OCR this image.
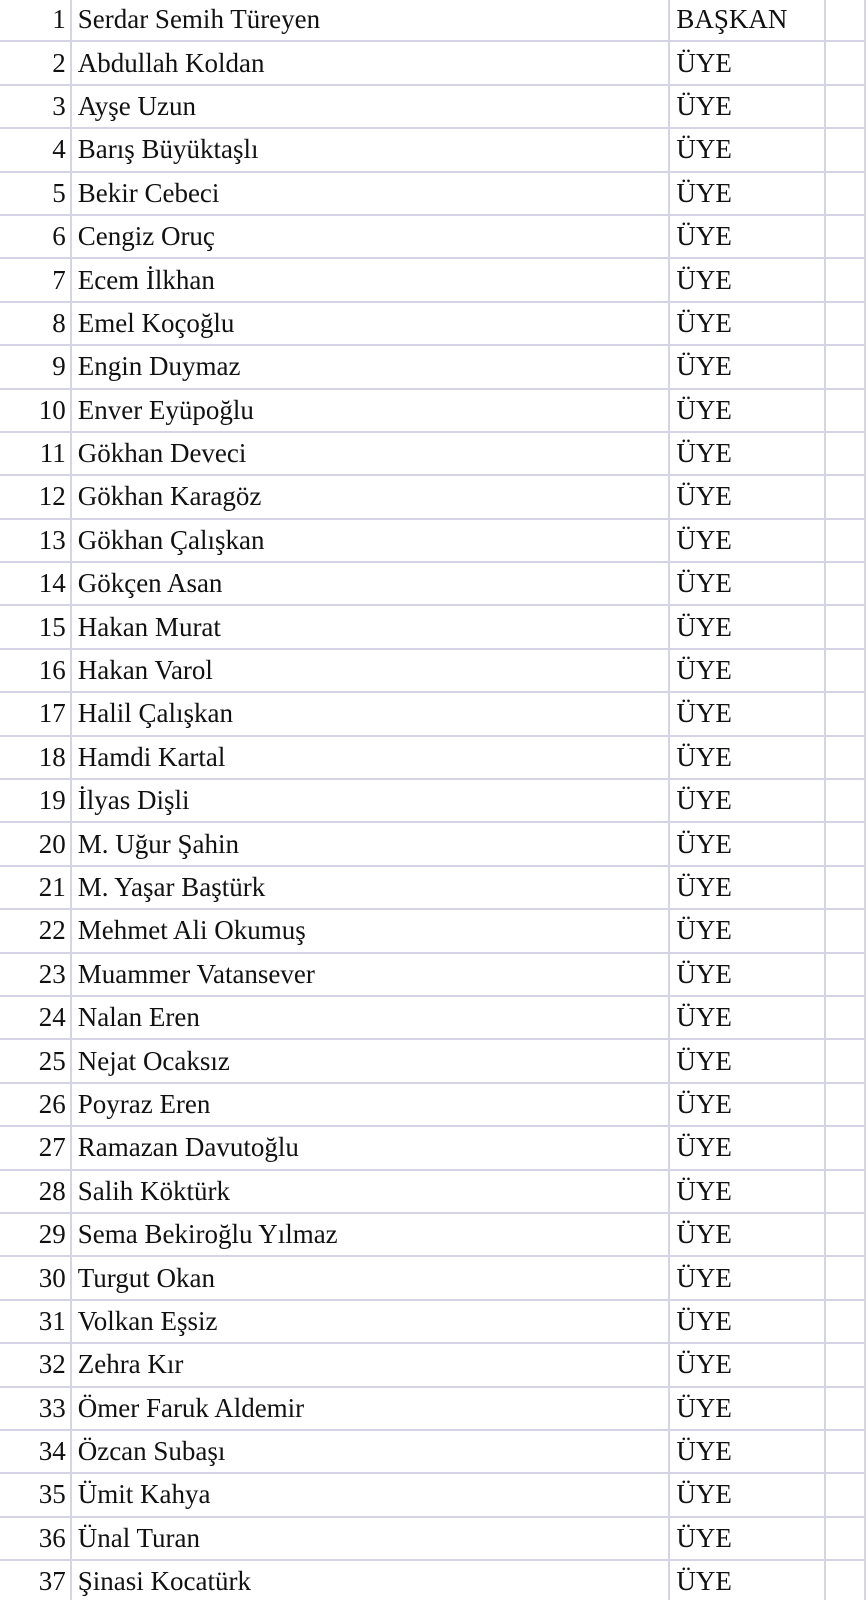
1	Serdar Semih Türeyen	BAŞKAN	
2	Abdullah Koldan	ÜYE	
3	Ayşe Uzun	ÜYE	
4	Barış Büyüktaşlı	ÜYE	
5	Bekir Cebeci	ÜYE	
6	Cengiz Oruç	ÜYE	
7	Ecem İlkhan	ÜYE	
8	Emel Koçoğlu	ÜYE	
9	Engin Duymaz	ÜYE	
10	Enver Eyüpoğlu	ÜYE	
11	Gökhan Deveci	ÜYE	
12	Gökhan Karagöz	ÜYE	
13	Gökhan Çalışkan	ÜYE	
14	Gökçen Asan	ÜYE	
15	Hakan Murat	ÜYE	
16	Hakan Varol	ÜYE	
17	Halil Çalışkan	ÜYE	
18	Hamdi Kartal	ÜYE	
19	İlyas Dişli	ÜYE	
20	M. Uğur Şahin	ÜYE	
21	M. Yaşar Baştürk	ÜYE	
22	Mehmet Ali Okumuş	ÜYE	
23	Muammer Vatansever	ÜYE	
24	Nalan Eren	ÜYE	
25	Nejat Ocaksız	ÜYE	
26	Poyraz Eren	ÜYE	
27	Ramazan Davutoğlu	ÜYE	
28	Salih Köktürk	ÜYE	
29	Sema Bekiroğlu Yılmaz	ÜYE	
30	Turgut Okan	ÜYE	
31	Volkan Eşsiz	ÜYE	
32	Zehra Kır	ÜYE	
33	Ömer Faruk Aldemir	ÜYE	
34	Özcan Subaşı	ÜYE	
35	Ümit Kahya	ÜYE	
36	Ünal Turan	ÜYE	
37	Şinasi Kocatürk	ÜYE	
